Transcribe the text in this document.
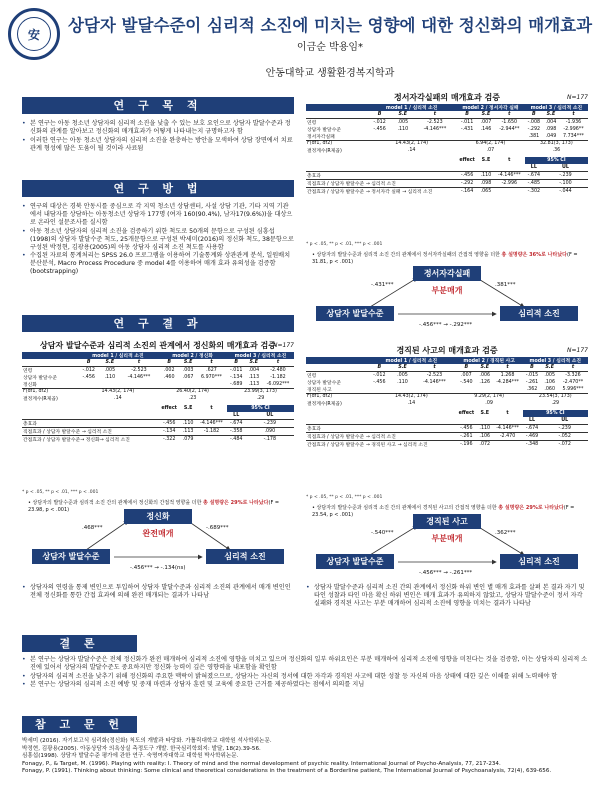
安	상담자 발달수준이 심리적 소진에 미치는 영향에 대한 정신화의 매개효과
이금순 박용임*
안동대학교 생활환경복지학과
연 구 목 적
• 본 연구는 아동 청소년 상담자의 심리적 소진을 낮출 수 있는 보호 요인으로 상담자 발달수준과 정신화의 관계를 알아보고 정신화의 매개효과가 어떻게 나타내는지 규명하고자 함
• 이러한 연구는 아동 청소년 상담자의 심리적 소진을 완충하는 방안을 모색하여 상담 장면에서 치료 관계 형성에 많은 도움이 될 것이라 사료됨
연 구 방 법
• 연구의 대상은 경북 안동시를 중심으로 각 지역 청소년 상담센터, 사설 상담 기관, 기타 지역 기관에서 내담자를 상담하는 아동청소년 상담자 177명 (여자 160(90.4%), 남자17(9.6%))을 대상으로 온라인 설문조사를 실시함
• 아동 청소년 상담자의 심리적 소진을 검증하기 위한 척도로 50개의 문항으로 구성된 심흥섭(1998)의 상담자 발달수준 척도, 25개문항으로 구성된 박세미(2016)의 정신화 척도, 38문항으로 구성된 박정현, 김광용(2005)의 아동 상담자 심리적 소진 척도를 사용함
• 수집된 자료의 통계처리는 SPSS 26.0 프로그램을 이용하여 기술통계와 상관관계 분석, 일원배치분산분석, Macro Process Procedure 중 model 4를 이용하여 매개 효과 유의성을 검증함(bootstrapping)
연 구 결 과
상담자 발달수준과 심리적 소진의 관계에서 정신화의 매개효과 검증
N=177
	model 1 / 심리적 소진			model 2 / 정신화			model 3 / 심리적 소진		
	B	S.E	t	B	S.E	t	B	S.E	t
연령	-.012	.005	-2.523	.002	.003	.627	-.011	.004	-2.480
상담자 발달수준	-.456	.110	-4.146***	.460	.067	6.970***	-.134	.113	-1.182
정신화							-.689	.113	-6.092***
F(df1, df2)	14.43(2, 174)			26.40(2, 174)			23.99(3, 173)		
결정계수(R제곱)	.14			.23			.29		

				effect	S.E	t	95% CI		
							LL	UL	
총효과				-.456	.110	-4.146***	-.674	-.239	
직접효과 / 상담자 발달수준 → 심리적 소진				-.134	.113	-1.182	-.358	.090	
간접효과 / 상담자 발달수준→ 정신화→ 심리적 소진				-.322	.079		-.484	-.178	
* p < .05, ** p < .01, *** p < .001
• 상담자의 발달수준과 심리적 소진 간의 관계에서 정신화의 간접적 영향을 더한 총 설명량은 29%로 나타났다(F = 23.98, p < .001)
상담자 발달수준	심리적 소진
정신화
완전매개
.468***	-.689***
-.456*** → -.134(ns)
• 상담자의 연령을 통제 변인으로 투입하여 상담자 발달수준과 심리적 소진의 관계에서 매개 변인인 전체 정신화를 통한 간접 효과에 의해 완전 매개되는 결과가 나타남
정서자각실패의 매개효과 검증	N=177
	model 1 / 심리적 소진			model 2 / 정서자각 실패			model 3 / 심리적 소진		
	B	S.E	t	B	S.E	t	B	S.E	t
연령	-.012	.005	-2.523	-.011	.007	-1.650	-.008	.004	-1.936
상담자 발달수준	-.456	.110	-4.146***	-.431	.146	-2.944**	-.292	.098	-2.996**
정서자각실패							.381	.049	7.734***
F(df1, df2)	14.43(2, 174)			6.94(2, 174)			32.81(3, 173)		
결정계수(R제곱)	.14			.07			.36		

				effect	S.E	t	95% CI		
							LL	UL	
총효과				-.456	.110	-4.146***	-.674	-.239	
직접효과 / 상담자 발달수준 → 심리적 소진				-.292	.098	-2.996	-.485	-.100	
간접효과 / 상담자 발달수준 → 정서자각 실패 → 심리적 소진				-.164	.065		-.302	-.044	
* p < .05, ** p < .01, *** p < .001
• 상담자의 발달수준과 심리적 소진 간의 관계에서 정서자각실패의 간접적 영향을 더한 총 설명량은 36%로 나타났다(F = 31.81, p < .001)
상담자 발달수준	심리적 소진
정서자각실패
부분매개
-.431***	.381***
-.456*** → -.292***
경직된 사고의 매개효과 검증	N=177
	model 1 / 심리적 소진			model 2 / 경직된 사고			model 3 / 심리적 소진		
	B	S.E	t	B	S.E	t	B	S.E	t
연령	-.012	.005	-2.523	.007	.006	1.268	-.015	.005	-3.326
상담자 발달수준	-.456	.110	-4.146***	-.540	.126	-4.284***	-.261	.106	-2.470**
경직된 사고							.362	.060	5.996***
F(df1, df2)	14.43(2, 174)			9.29(2, 174)			23.54(3, 173)		
결정계수(R제곱)	.14			.09			.29		

				effect	S.E	t	95% CI		
							LL	UL	
총효과				-.456	.110	-4.146***	-.674	-.239	
직접효과 / 상담자 발달수준 → 심리적 소진				-.261	.106	-2.470	-.469	-.052	
간접효과 / 상담자 발달수준 → 경직된 사고 → 심리적 소진				-.196	.072		-.348	-.072	
* p < .05, ** p < .01, *** p < .001
• 상담자의 발달수준과 심리적 소진 간의 관계에서 경직된 사고의 간접적 영향을 더한 총 설명량은 29%로 나타났다(F = 23.54, p < .001)
상담자 발달수준	심리적 소진
경직된 사고
부분매개
-.540***	.362***
-.456*** → -.261***
• 상담자 발달수준과 심리적 소진 간의 관계에서 정신화 하위 변인 별 매개 효과를 살펴 본 결과 자기 및 타인 성찰과 타인 마음 확신 하위 변인은 매개 효과가 유의하지 않았고, 상담자 발달수준이 정서 자각 실패와 경직된 사고는 부분 매개하여 심리적 소진에 영향을 미치는 결과가 나타남
결 론
• 본 연구는 상담자 발달수준은 전체 정신화가 완전 매개하여 심리적 소진에 영향을 미치고 있으며 정신화의 일부 하위요인은 부분 매개하여 심리적 소진에 영향을 미친다는 것을 검증함, 이는 상담자의 심리적 소진에 있어서 상담자의 발달수준도 중요하지만 정신화 능력이 깊은 영향력을 내포함을 확인함
• 상담자의 심리적 소진을 낮추기 위해 정신화의 주요한 맥락이 밝혀졌으므로, 상담자는 자신의 정서에 대한 자각과 경직된 사고에 대한 성찰 등 자신의 마음 상태에 대한 깊은 이해를 위해 노력해야 함
• 본 연구는 상담자의 심리적 소진 예방 및 중재 마련과 상담자 훈련 및 교육에 중요한 근거를 제공하였다는 점에서 의의를 지님
참 고 문 헌

박세미 (2016). 자기보고식 심리화(정신화) 척도의 개발과 타당화. 가톨릭대학교 대학원 석사학위논문.

박정현, 김광용(2005). 아동상담자 의욕상실 측정도구 개발. 한국심리학회지: 발달, 18(2).39-56.

심흥섭(1998). 상담자 발달수준 평가에 관한 연구. 숙명여자대학교 대학원 박사학위논문.

Fonagy, P., & Target, M. (1996). Playing with reality: I. Theory of mind and the normal development of psychic reality. International Journal of Psycho-Analysis, 77, 217-234.

Fonagy, P. (1991). Thinking about thinking: Some clinical and theoretical considerations in the treatment of a Borderline patient, The International Journal of Psychoanalysis, 72(4), 639-656.
